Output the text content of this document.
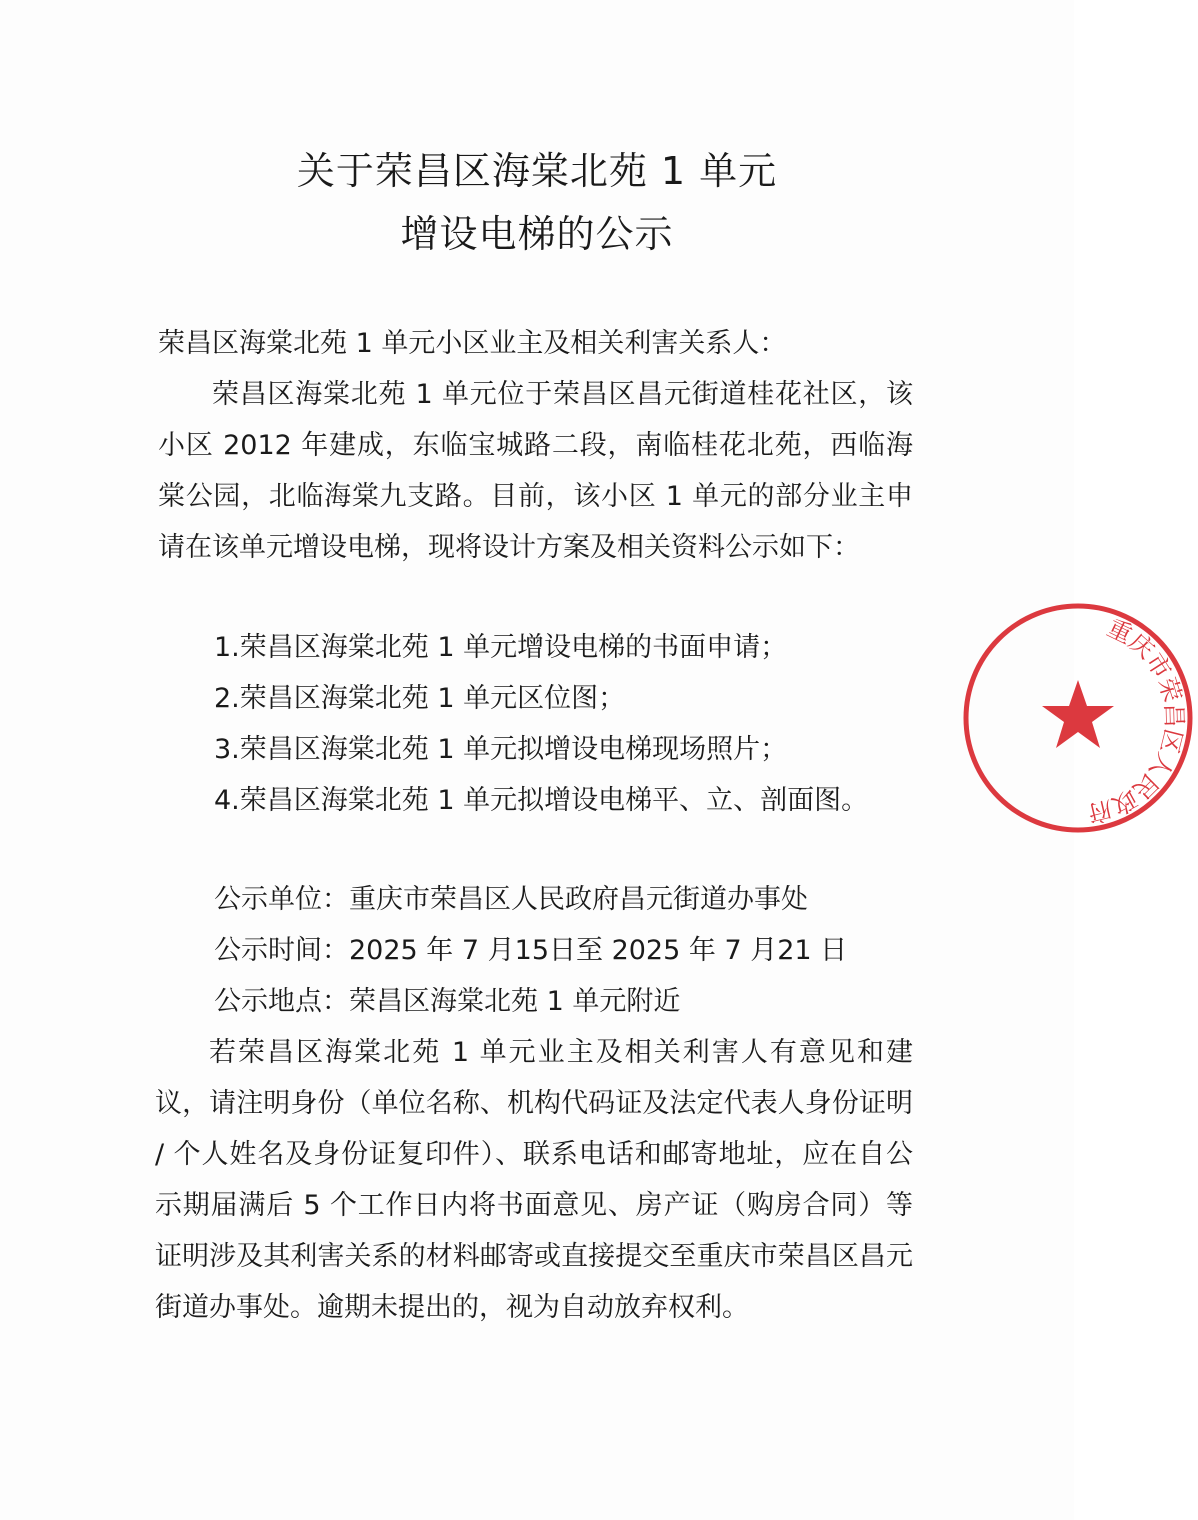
关于荣昌区海棠北苑 1 单元
增设电梯的公示

荣昌区海棠北苑 1 单元小区业主及相关利害关系人：

荣昌区海棠北苑 1 单元位于荣昌区昌元街道桂花社区，该小区 2012 年建成，东临宝城路二段，南临桂花北苑，西临海棠公园，北临海棠九支路。目前，该小区 1 单元的部分业主申请在该单元增设电梯，现将设计方案及相关资料公示如下：

1.荣昌区海棠北苑 1 单元增设电梯的书面申请；
2.荣昌区海棠北苑 1 单元区位图；
3.荣昌区海棠北苑 1 单元拟增设电梯现场照片；
4.荣昌区海棠北苑 1 单元拟增设电梯平、立、剖面图。
公示单位：重庆市荣昌区人民政府昌元街道办事处
公示时间：2025 年 7 月15日至 2025 年 7 月21 日
公示地点：荣昌区海棠北苑 1 单元附近

若荣昌区海棠北苑 1 单元业主及相关利害人有意见和建议，请注明身份（单位名称、机构代码证及法定代表人身份证明 / 个人姓名及身份证复印件）、联系电话和邮寄地址，应在自公示期届满后 5 个工作日内将书面意见、房产证（购房合同）等证明涉及其利害关系的材料邮寄或直接提交至重庆市荣昌区昌元街道办事处。逾期未提出的，视为自动放弃权利。

重庆市荣昌区人民政府
